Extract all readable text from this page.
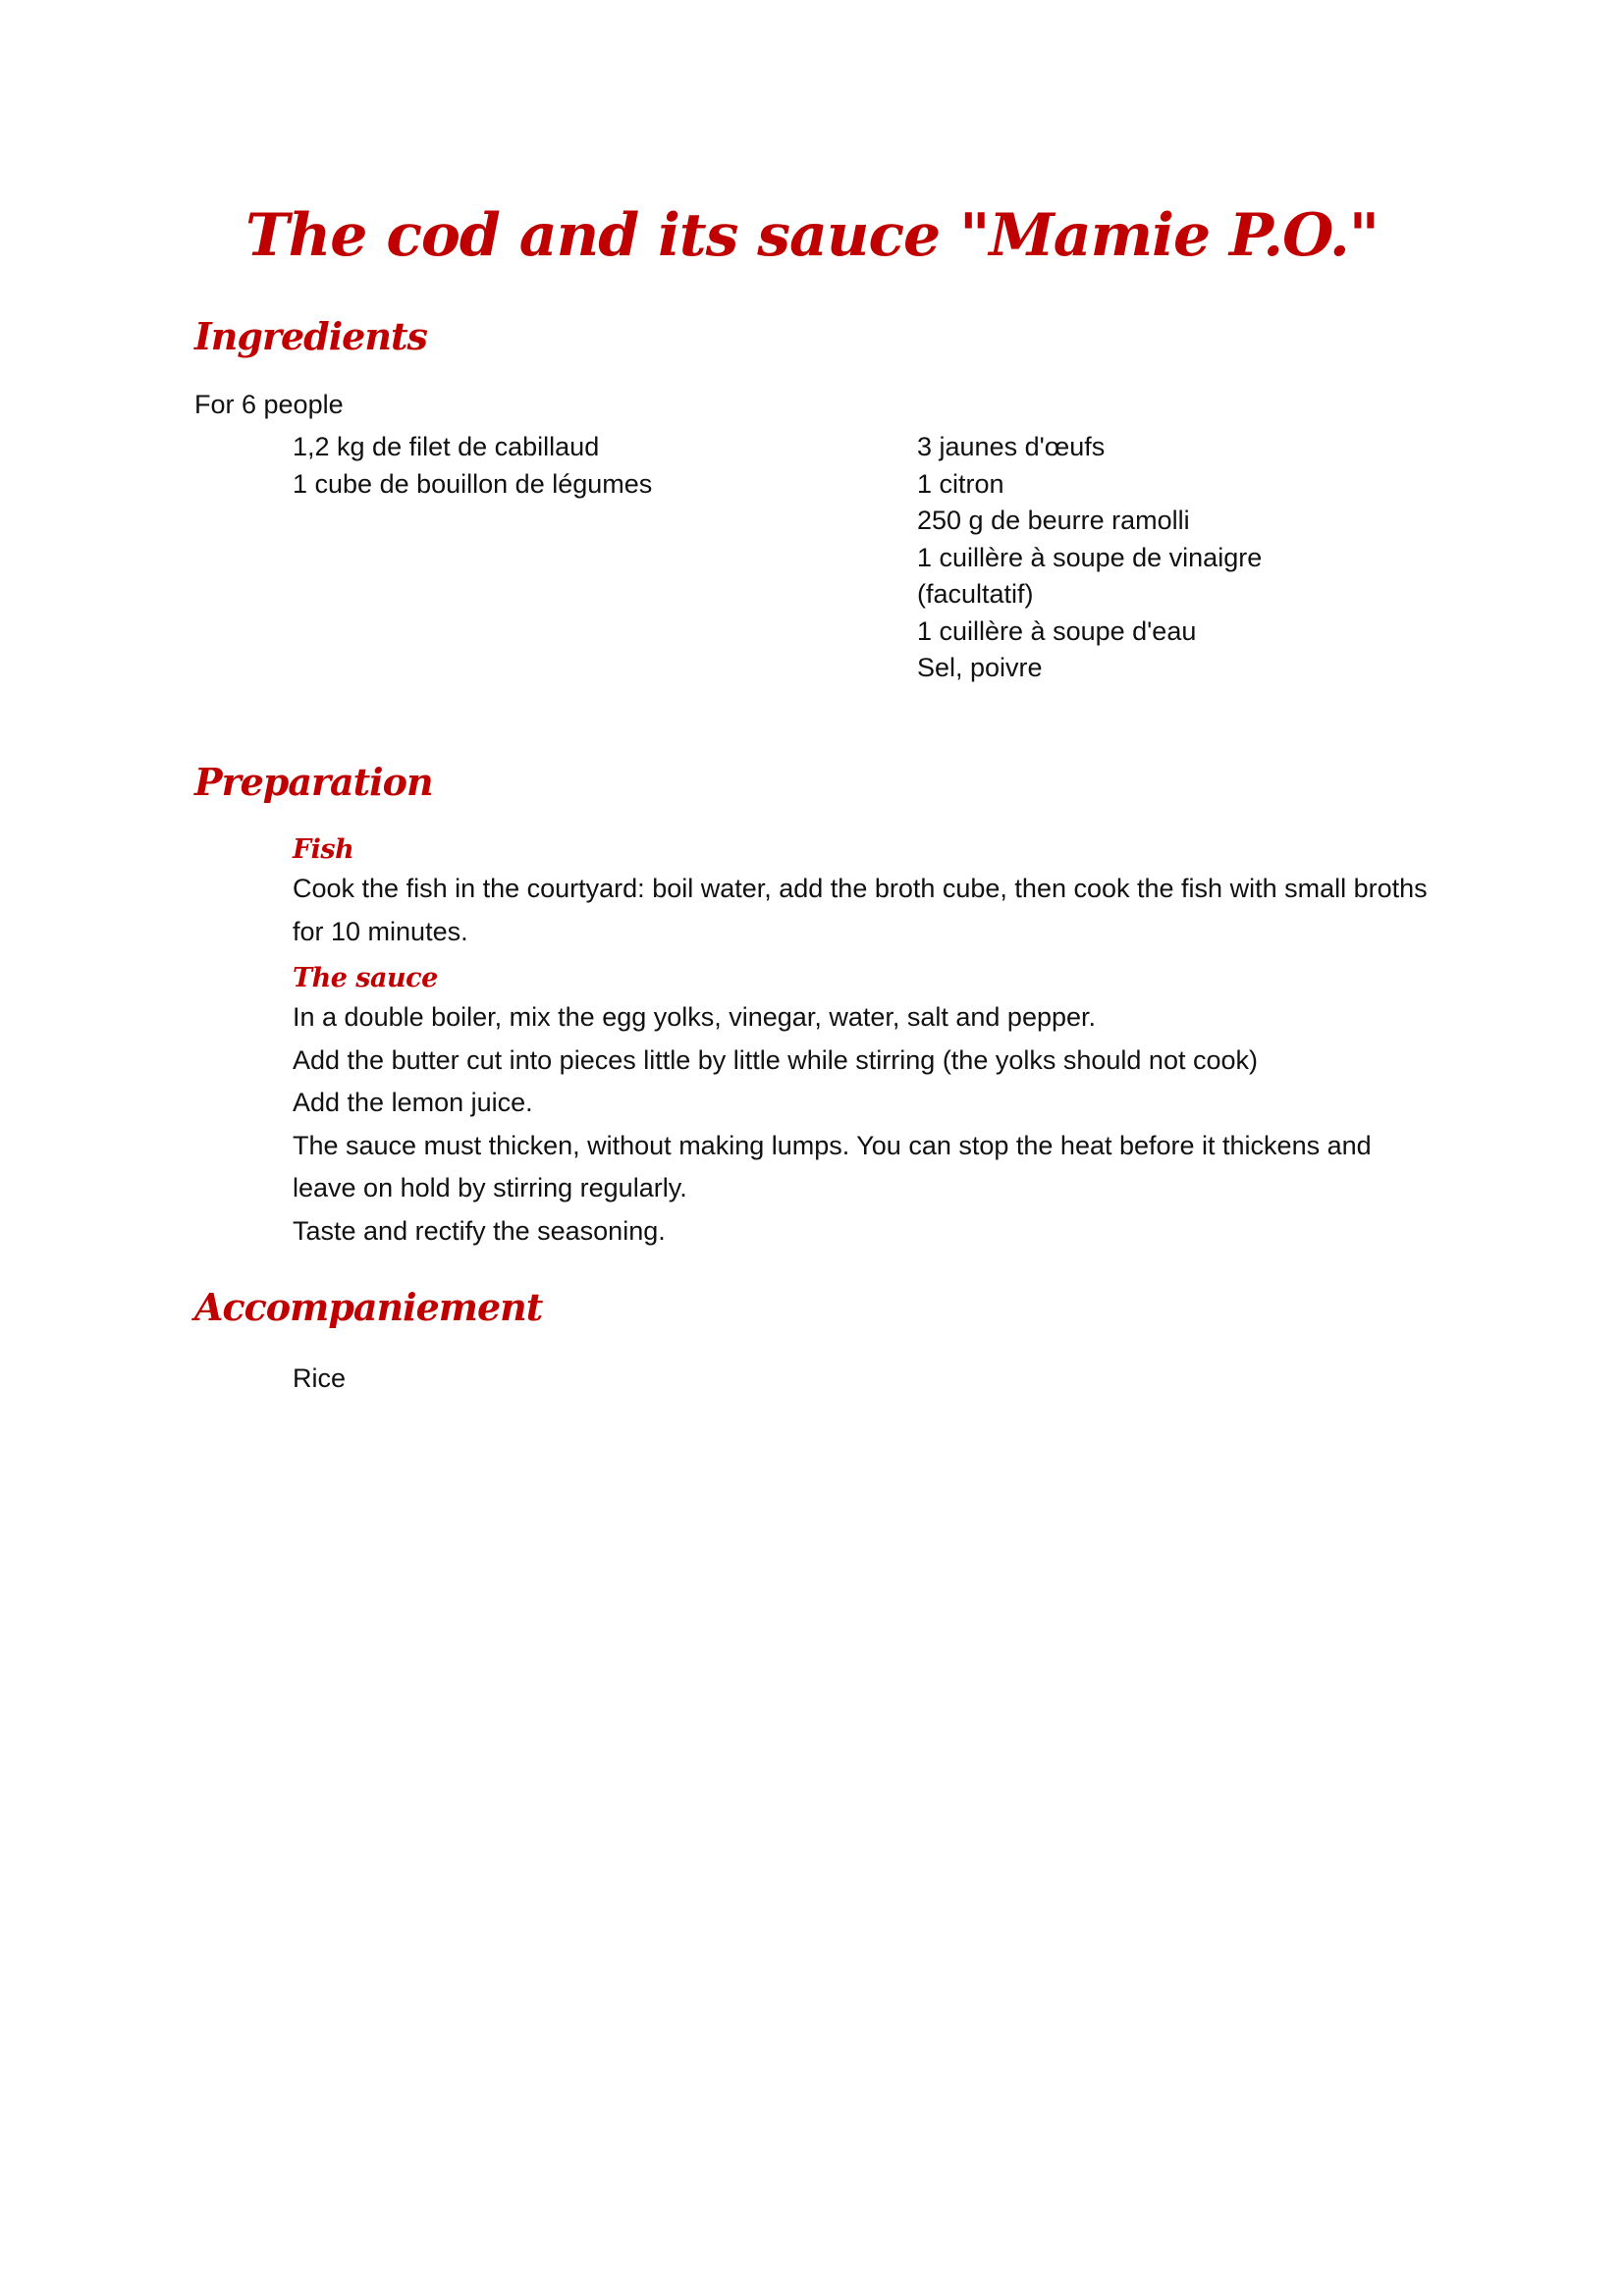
The cod and its sauce "Mamie P.O."
Ingredients
For 6 people
1,2 kg de filet de cabillaud
1 cube de bouillon de légumes
3 jaunes d'œufs
1 citron
250 g de beurre ramolli
1 cuillère à soupe de vinaigre
(facultatif)
1 cuillère à soupe d'eau
Sel, poivre
Preparation
Fish

Cook the fish in the courtyard: boil water, add the broth cube, then cook the fish with small broths for 10 minutes.

The sauce

In a double boiler, mix the egg yolks, vinegar, water, salt and pepper.

Add the butter cut into pieces little by little while stirring (the yolks should not cook)

Add the lemon juice.

The sauce must thicken, without making lumps. You can stop the heat before it thickens and leave on hold by stirring regularly.

Taste and rectify the seasoning.

Accompaniement
Rice
